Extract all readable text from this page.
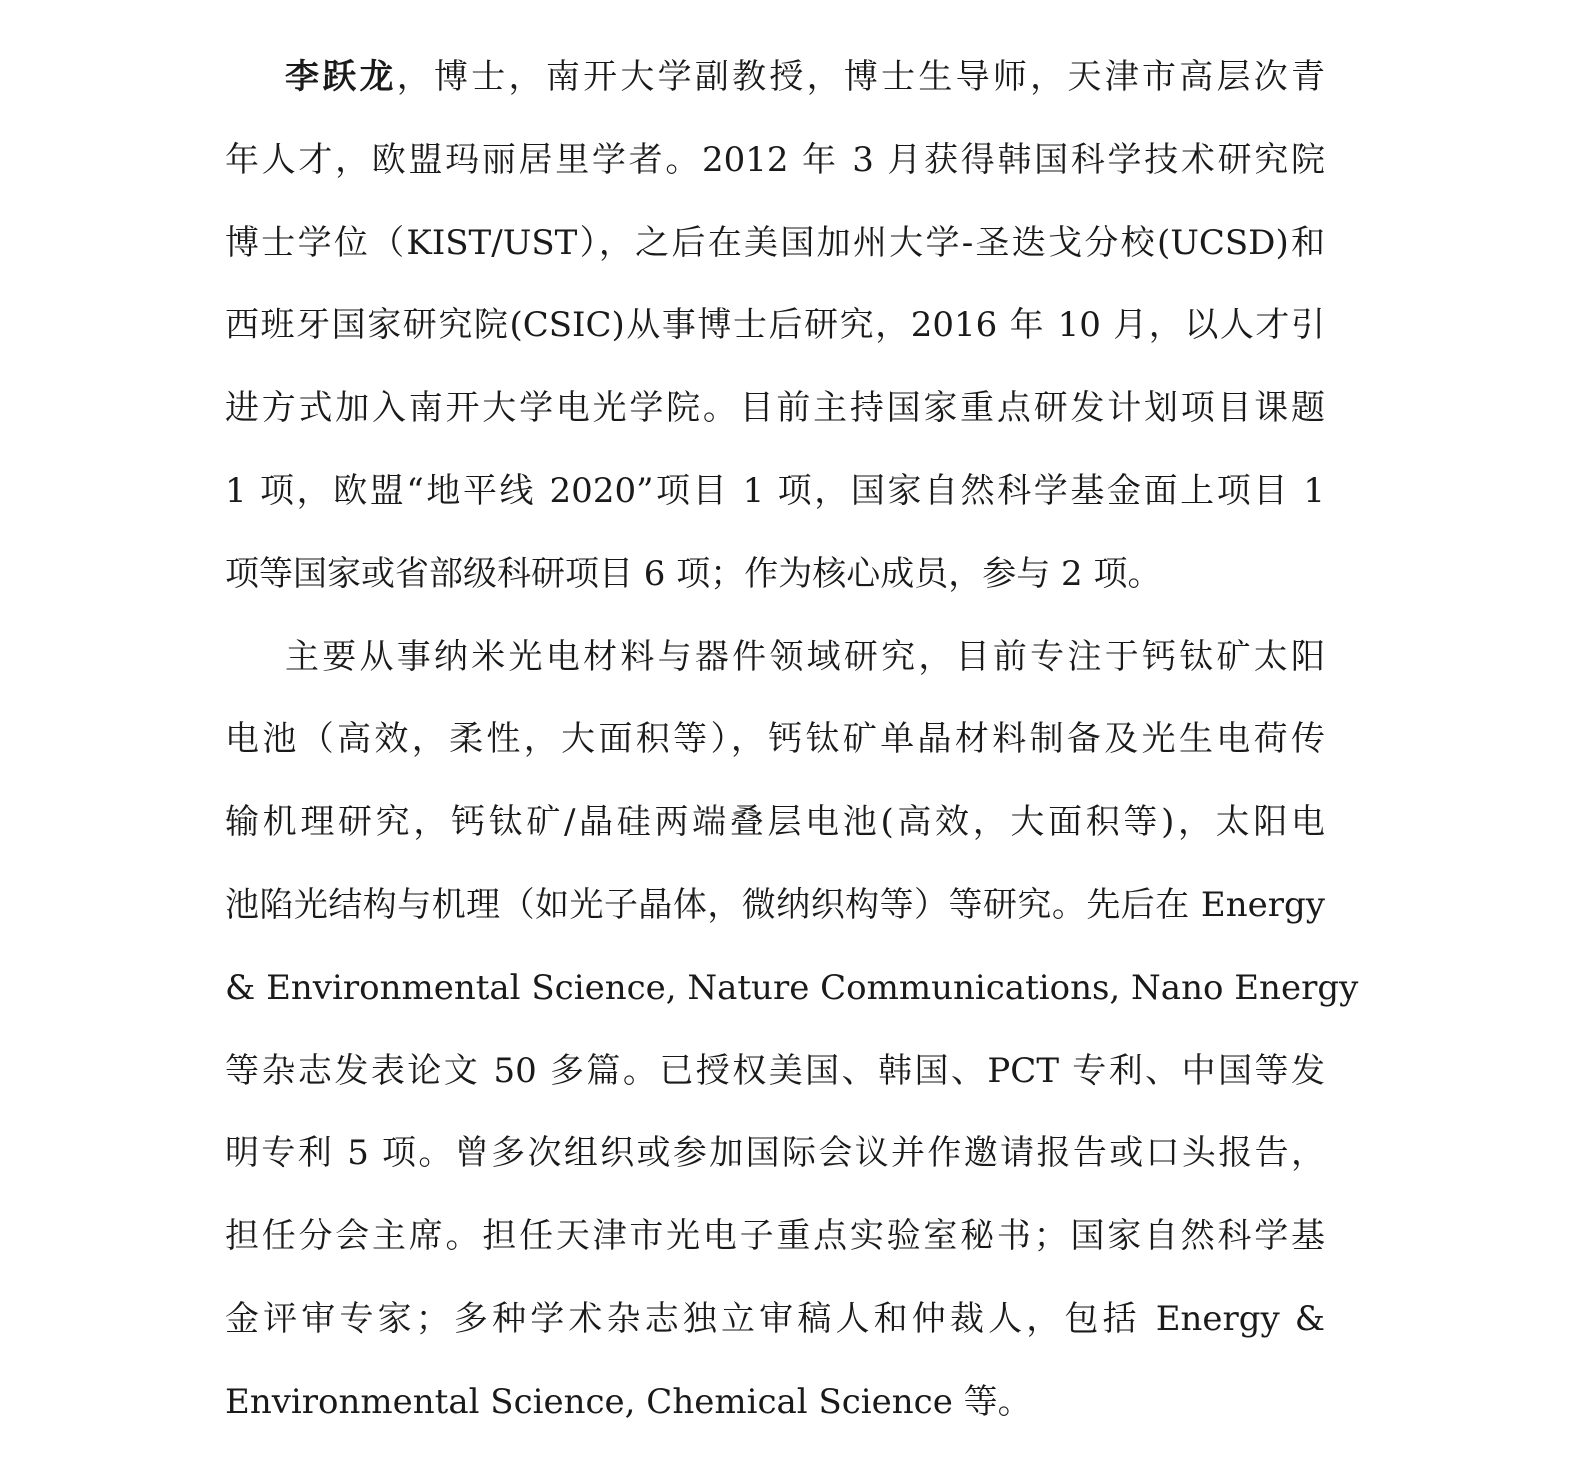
李跃龙，博士，南开大学副教授，博士生导师，天津市高层次青
年人才，欧盟玛丽居里学者。2012 年 3 月获得韩国科学技术研究院
博士学位（KIST/UST），之后在美国加州大学-圣迭戈分校(UCSD)和
西班牙国家研究院(CSIC)从事博士后研究，2016 年 10 月，以人才引
进方式加入南开大学电光学院。目前主持国家重点研发计划项目课题
1 项，欧盟“地平线 2020”项目 1 项，国家自然科学基金面上项目 1
项等国家或省部级科研项目 6 项；作为核心成员，参与 2 项。
主要从事纳米光电材料与器件领域研究，目前专注于钙钛矿太阳
电池（高效，柔性，大面积等），钙钛矿单晶材料制备及光生电荷传
输机理研究，钙钛矿/晶硅两端叠层电池(高效，大面积等)，太阳电
池陷光结构与机理（如光子晶体，微纳织构等）等研究。先后在 Energy
& Environmental Science, Nature Communications, Nano Energy
等杂志发表论文 50 多篇。已授权美国、韩国、PCT 专利、中国等发
明专利 5 项。曾多次组织或参加国际会议并作邀请报告或口头报告，
担任分会主席。担任天津市光电子重点实验室秘书；国家自然科学基
金评审专家；多种学术杂志独立审稿人和仲裁人，包括 Energy &
Environmental Science, Chemical Science 等。
